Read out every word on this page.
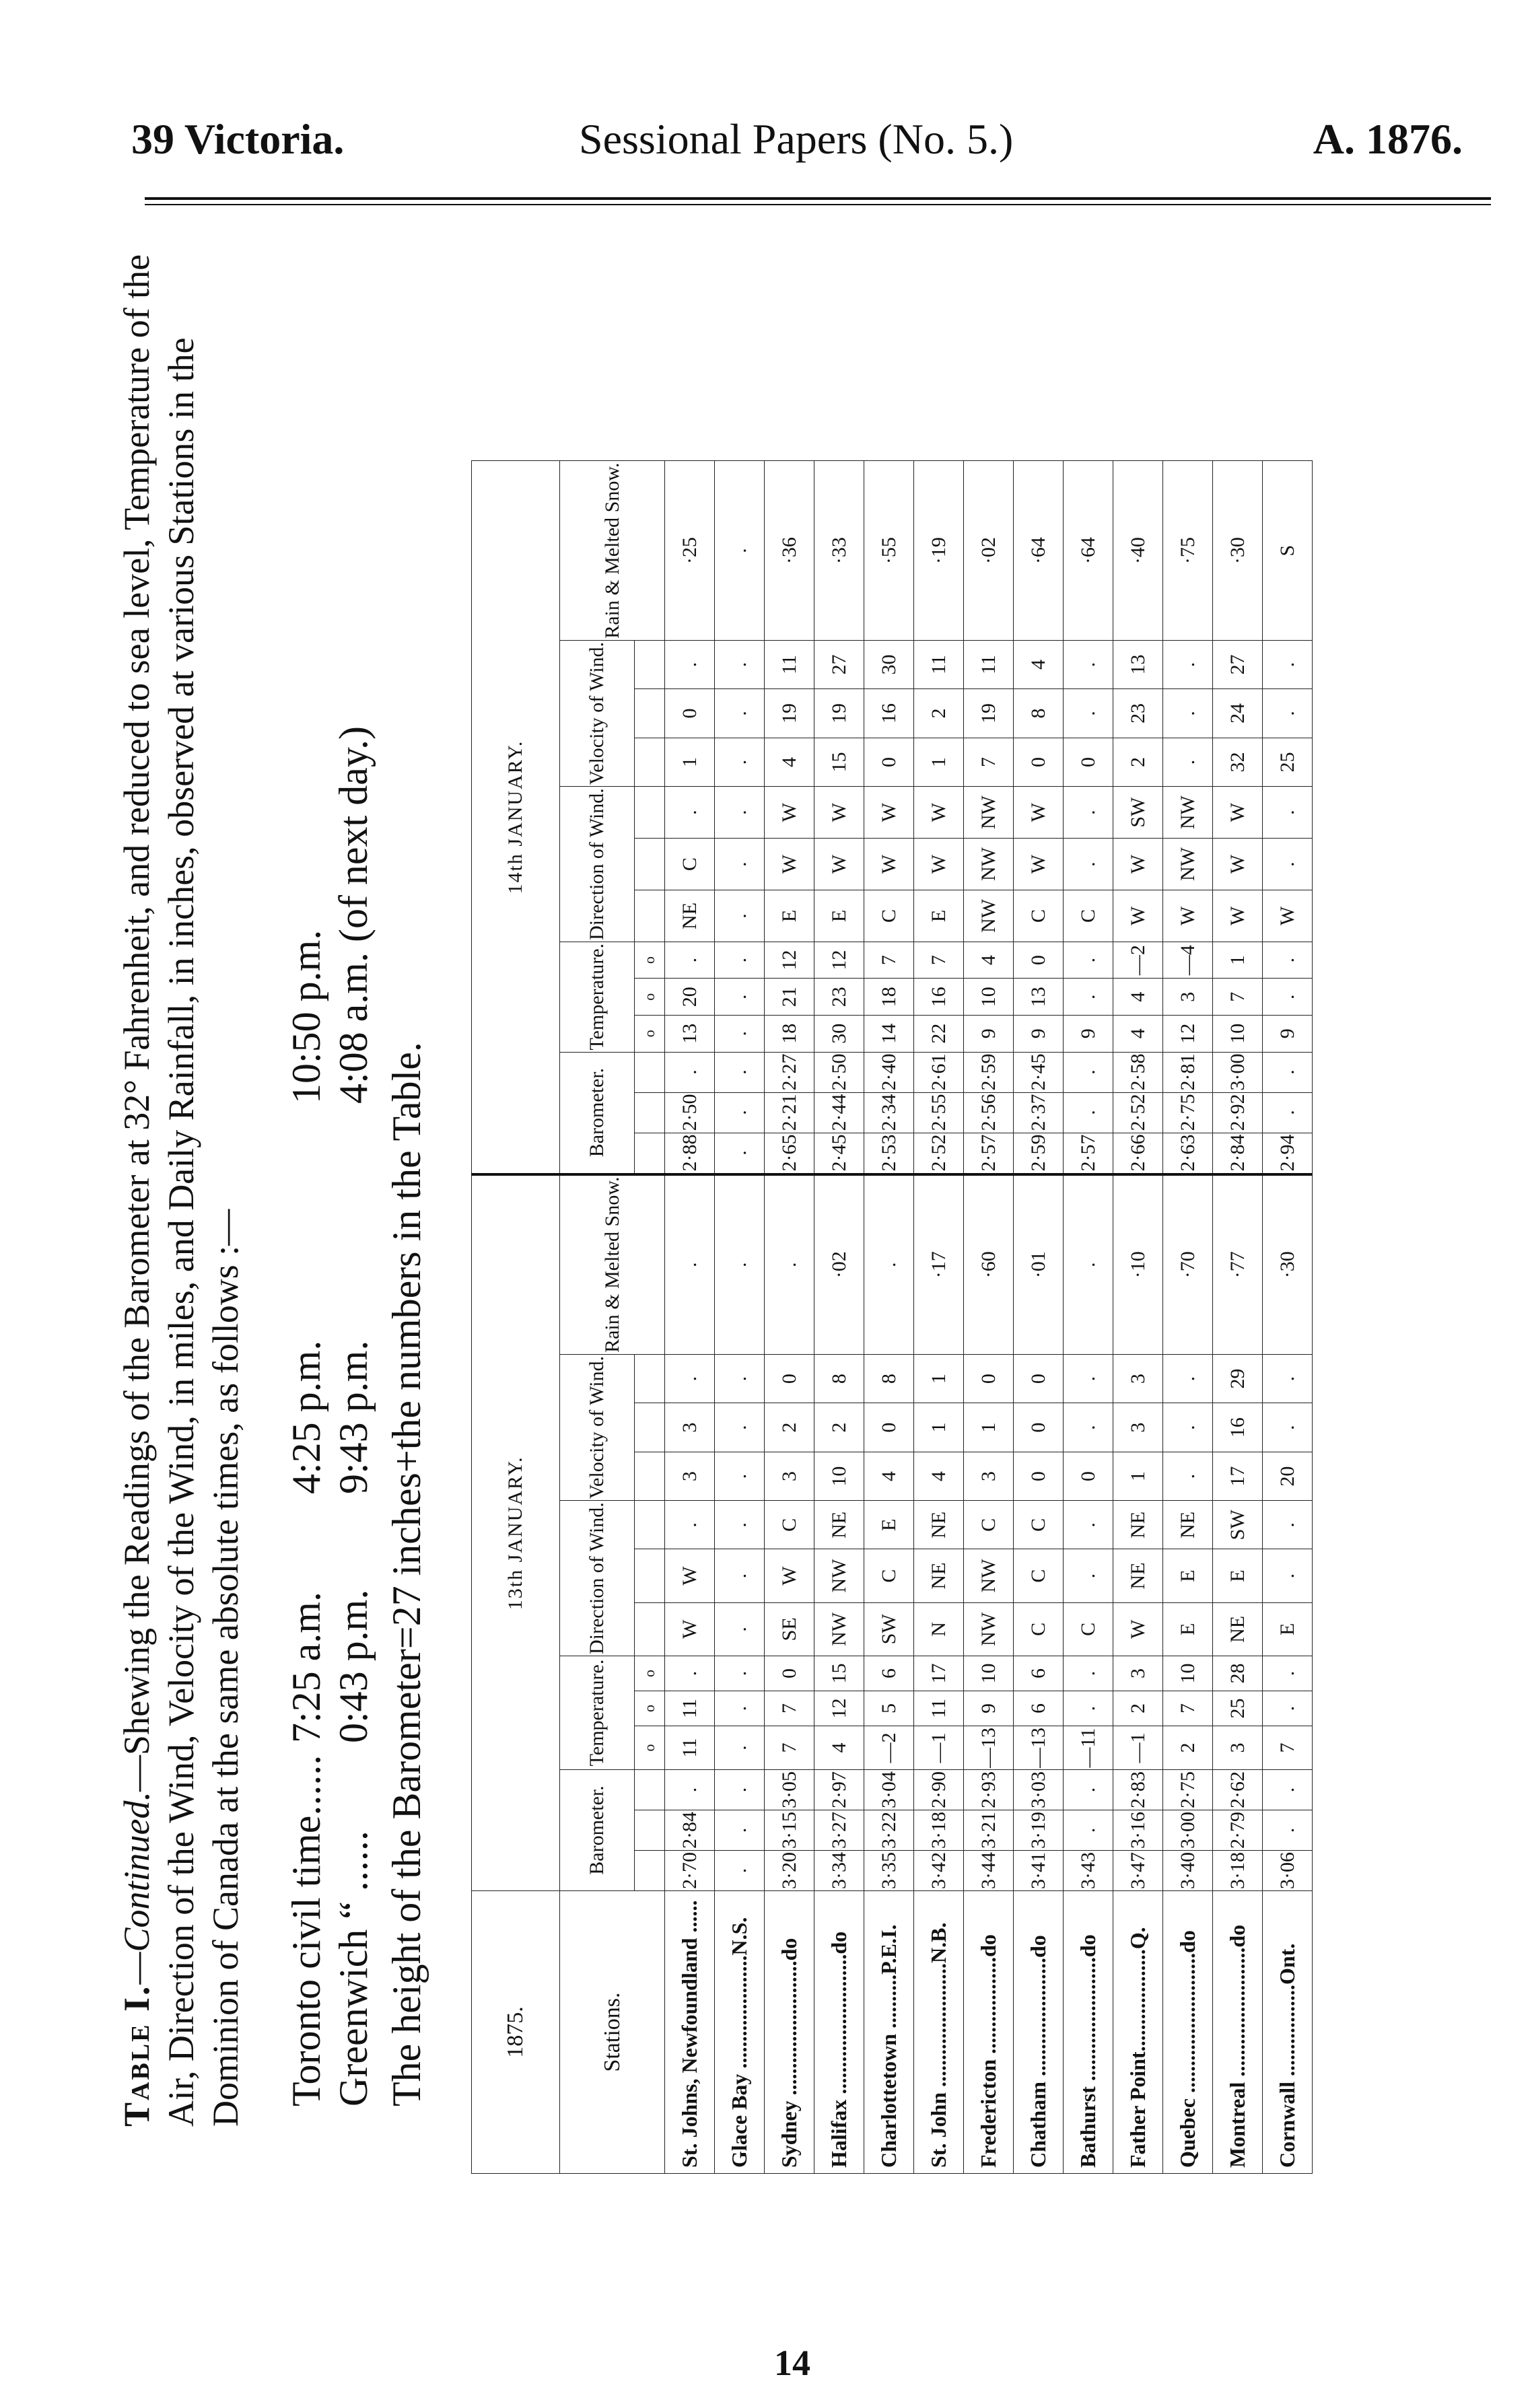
39 Victoria.	Sessional Papers (No. 5.)	A. 1876.
Table I.—Continued.—Shewing the Readings of the Barometer at 32° Fahrenheit, and reduced to sea level, Temperature of the Air, Direction of the Wind, Velocity of the Wind, in miles, and Daily Rainfall, in inches, observed at various Stations in the Dominion of Canada at the same absolute times, as follows :— Toronto civil time...... Greenwich “ ......
7:25 a.m. 0:43 p.m.
4:25 p.m. 9:43 p.m.
10:50 p.m. 4:08 a.m. (of next day.)
The height of the Barometer=27 inches+the numbers in the Table.	1875.	13th JANUARY.													14th JANUARY.												
Stations.	Barometer.			Temperature.			Direction of Wind.			Velocity of Wind.			Rain & Melted Snow.	Barometer.			Temperature.			Direction of Wind.			Velocity of Wind.			Rain & Melted Snow.
				o	o	o											o	o	o							
St. Johns, Newfoundland ......	2·70	2·84	.	11	11	.	W	W	.	3	3	.	.	2·88	2·50	.	13	20	.	NE	C	.	1	0	.	·25
Glace Bay .....................N.S.	.	.	.	.	.	.	.	.	.	.	.	.	.	.	.	.	.	.	.	.	.	.	.	.	.	.
Sydney .........................do	3·20	3·15	3·05	7	7	0	SE	W	C	3	2	0	.	2·65	2·21	2·27	18	21	12	E	W	W	4	19	11	·36
Halifax ..........................do	3·34	3·27	2·97	4	12	15	NW	NW	NE	10	2	8	·02	2·45	2·44	2·50	30	23	12	E	W	W	15	19	27	·33
Charlottetown ..........P.E.I.	3·35	3·22	3·04	—2	5	6	SW	C	E	4	0	8	.	2·53	2·34	2·40	14	18	7	C	W	W	0	16	30	·55
St. John .......................N.B.	3·42	3·18	2·90	—1	11	17	N	NE	NE	4	1	1	·17	2·52	2·55	2·61	22	16	7	E	W	W	1	2	11	·19
Fredericton ..................do	3·44	3·21	2·93	—13	9	10	NW	NW	C	3	1	0	·60	2·57	2·56	2·59	9	10	4	NW	NW	NW	7	19	11	·02
Chatham ......................do	3·41	3·19	3·03	—13	6	6	C	C	C	0	0	0	·01	2·59	2·37	2·45	9	13	0	C	W	W	0	8	4	·64
Bathurst .......................do	3·43	.	.	—11	.	.	C	.	.	0	.	.	.	2·57	.	.	9	.	.	C	.	.	0	.	.	·64
Father Point...................Q.	3·47	3·16	2·83	—1	2	3	W	NE	NE	1	3	3	·10	2·66	2·52	2·58	4	4	—2	W	W	SW	2	23	13	·40
Quebec ..........................do	3·40	3·00	2·75	2	7	10	E	E	NE	.	.	.	·70	2·63	2·75	2·81	12	3	—4	W	NW	NW	.	.	.	·75
Montreal ........................do	3·18	2·79	2·62	3	25	28	NE	E	SW	17	16	29	·77	2·84	2·92	3·00	10	7	1	W	W	W	32	24	27	·30
Cornwall .................Ont.	3·06	.	.	7	.	.	E	.	.	20	.	.	·30	2·94	.	.	9	.	.	W	.	.	25	.	.	S
14
